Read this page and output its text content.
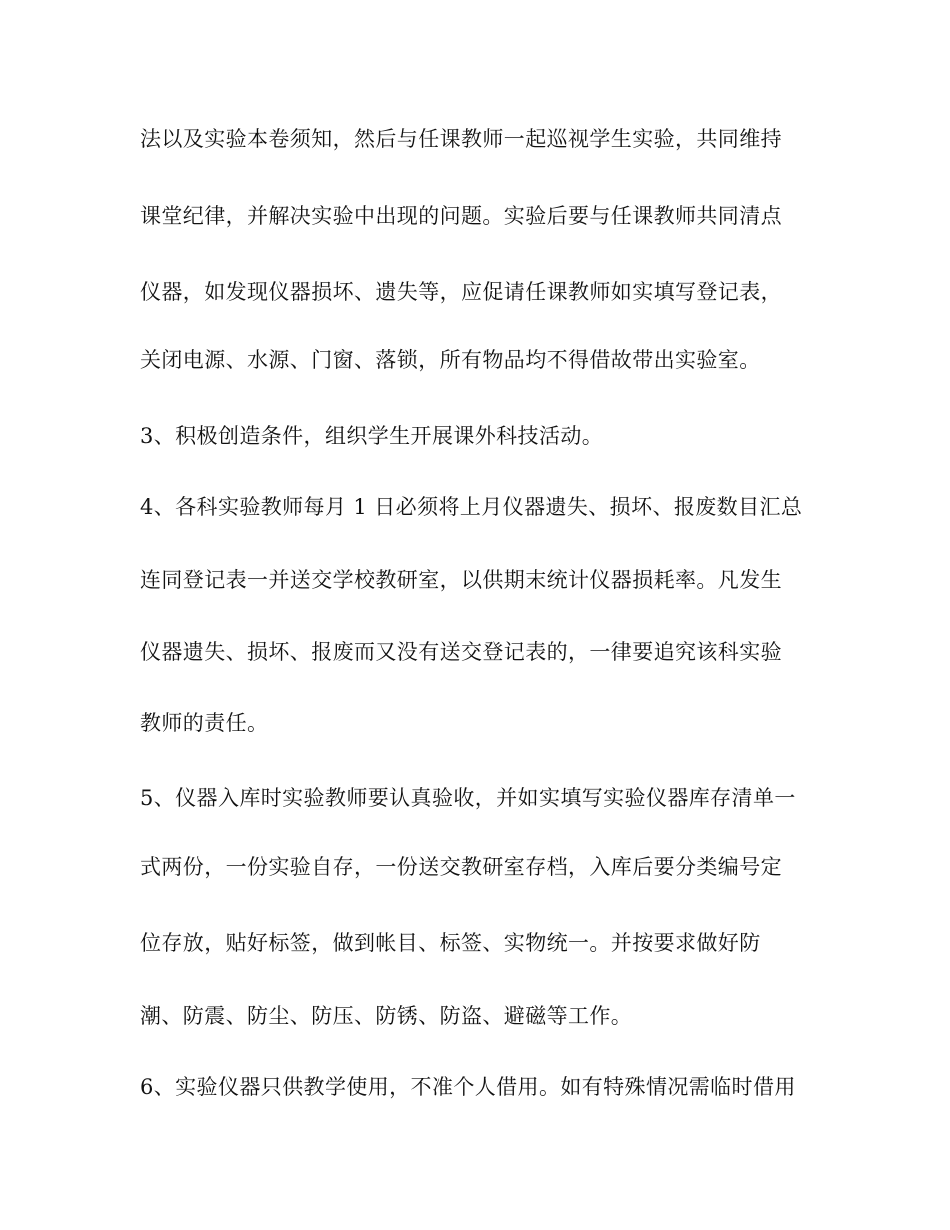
法以及实验本卷须知，然后与任课教师一起巡视学生实验，共同维持
课堂纪律，并解决实验中出现的问题。实验后要与任课教师共同清点
仪器，如发现仪器损坏、遗失等，应促请任课教师如实填写登记表，
关闭电源、水源、门窗、落锁，所有物品均不得借故带出实验室。
3、积极创造条件，组织学生开展课外科技活动。
4、各科实验教师每月 1 日必须将上月仪器遗失、损坏、报废数目汇总
连同登记表一并送交学校教研室，以供期末统计仪器损耗率。凡发生
仪器遗失、损坏、报废而又没有送交登记表的，一律要追究该科实验
教师的责任。
5、仪器入库时实验教师要认真验收，并如实填写实验仪器库存清单一
式两份，一份实验自存，一份送交教研室存档，入库后要分类编号定
位存放，贴好标签，做到帐目、标签、实物统一。并按要求做好防
潮、防震、防尘、防压、防锈、防盗、避磁等工作。
6、实验仪器只供教学使用，不准个人借用。如有特殊情况需临时借用
